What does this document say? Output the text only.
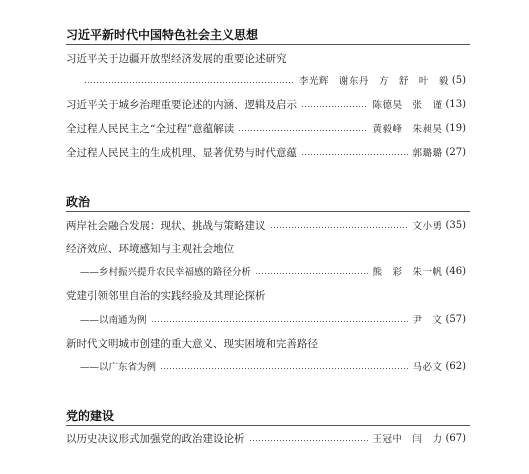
习近平新时代中国特色社会主义思想
习近平关于边疆开放型经济发展的重要论述研究
李光辉　谢东丹　方　舒　叶　毅 (5)
习近平关于城乡治理重要论述的内涵、逻辑及启示	陈德昊　张　谨 (13)
全过程人民民主之“全过程”意蕴解读	黄毅峰　朱昶昊 (19)
全过程人民民主的生成机理、显著优势与时代意蕴	郭璐璐 (27)
政治
两岸社会融合发展：现状、挑战与策略建议	文小勇 (35)
经济效应、环境感知与主观社会地位
——乡村振兴提升农民幸福感的路径分析	熊　彩　朱一帆 (46)
党建引领邻里自治的实践经验及其理论探析
——以南通为例	尹　文 (57)
新时代文明城市创建的重大意义、现实困境和完善路径
——以广东省为例	马必文 (62)
党的建设
以历史决议形式加强党的政治建设论析	王冠中　闫　力 (67)
